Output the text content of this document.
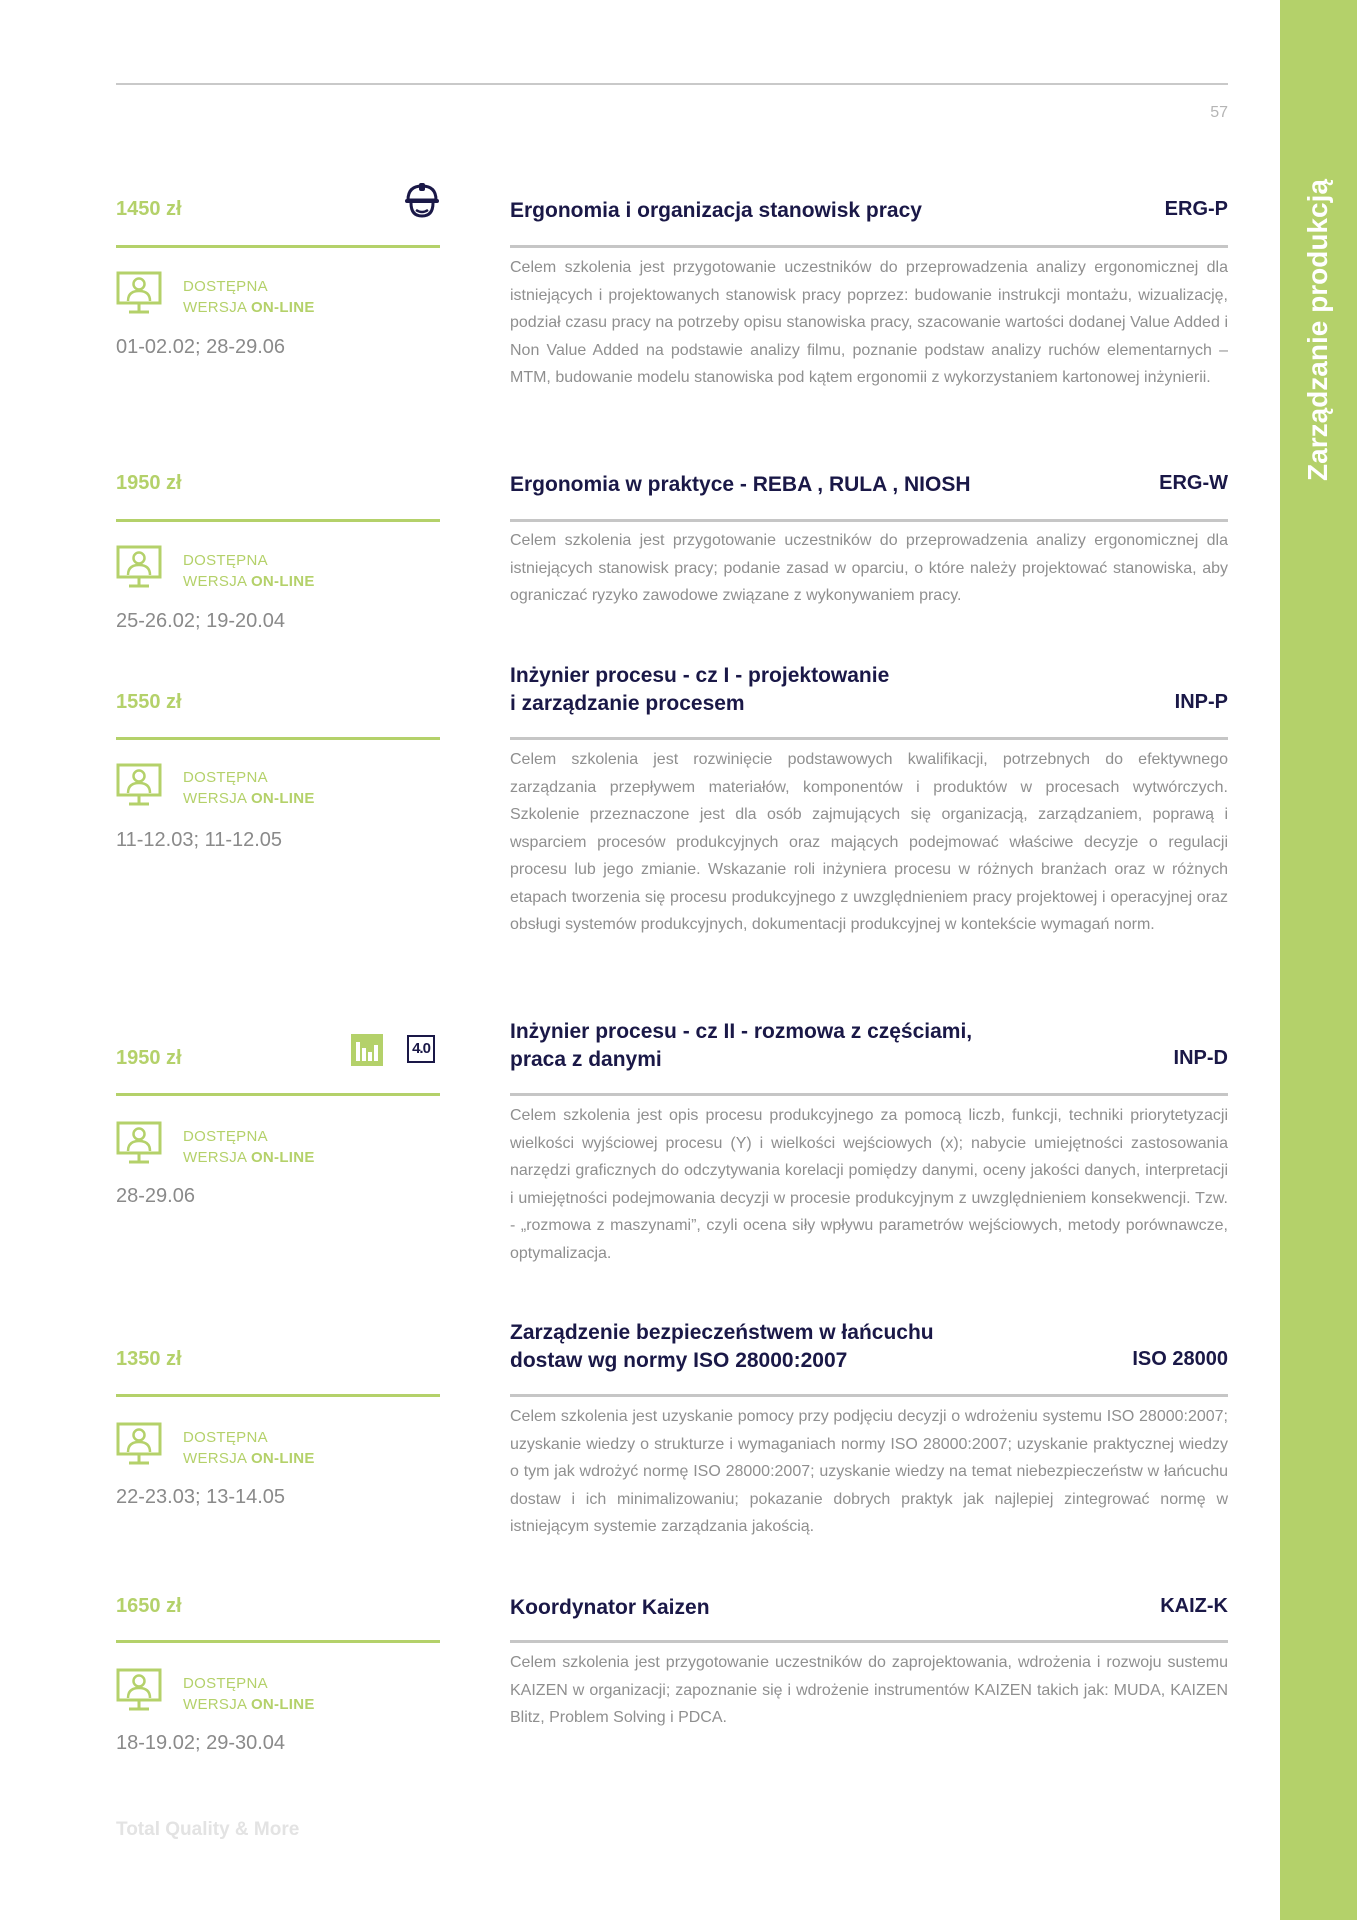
57
Zarządzanie produkcją
1450 zł
DOSTĘPNA
WERSJA ON-LINE
01-02.02; 28-29.06
Ergonomia i organizacja stanowisk pracy	ERG-P

Celem szkolenia jest przygotowanie uczestników do przeprowadzenia analizy ergonomicznej dla istniejących i projektowanych stanowisk pracy poprzez: budowanie instrukcji montażu, wizualizację, podział czasu pracy na potrzeby opisu stanowiska pracy, szacowanie wartości dodanej Value Added i Non Value Added na podstawie analizy filmu, poznanie podstaw analizy ruchów elementarnych – MTM, budowanie modelu stanowiska pod kątem ergonomii z wykorzystaniem kartonowej inżynierii.

1950 zł
DOSTĘPNA
WERSJA ON-LINE
25-26.02; 19-20.04
Ergonomia w praktyce - REBA , RULA , NIOSH	ERG-W

Celem szkolenia jest przygotowanie uczestników do przeprowadzenia analizy ergonomicznej dla istniejących stanowisk pracy; podanie zasad w oparciu, o które należy projektować stanowiska, aby ograniczać ryzyko zawodowe związane z wykonywaniem pracy.

1550 zł
DOSTĘPNA
WERSJA ON-LINE
11-12.03; 11-12.05
Inżynier procesu - cz I - projektowanie
i zarządzanie procesem	INP-P

Celem szkolenia jest rozwinięcie podstawowych kwalifikacji, potrzebnych do efektywnego zarządzania przepływem materiałów, komponentów i produktów w procesach wytwórczych. Szkolenie przeznaczone jest dla osób zajmujących się organizacją, zarządzaniem, poprawą i wsparciem procesów produkcyjnych oraz mających podejmować właściwe decyzje o regulacji procesu lub jego zmianie. Wskazanie roli inżyniera procesu w różnych branżach oraz w różnych etapach tworzenia się procesu produkcyjnego z uwzględnieniem pracy projektowej i operacyjnej oraz obsługi systemów produkcyjnych, dokumentacji produkcyjnej w kontekście wymagań norm.

1950 zł	4.0
DOSTĘPNA
WERSJA ON-LINE
28-29.06
Inżynier procesu - cz II - rozmowa z częściami,
praca z danymi	INP-D

Celem szkolenia jest opis procesu produkcyjnego za pomocą liczb, funkcji, techniki priorytetyzacji wielkości wyjściowej procesu (Y) i wielkości wejściowych (x); nabycie umiejętności zastosowania narzędzi graficznych do odczytywania korelacji pomiędzy danymi, oceny jakości danych, interpretacji i umiejętności podejmowania decyzji w procesie produkcyjnym z uwzględnieniem konsekwencji. Tzw. - „rozmowa z maszynami”, czyli ocena siły wpływu parametrów wejściowych, metody porównawcze, optymalizacja.

1350 zł
DOSTĘPNA
WERSJA ON-LINE
22-23.03; 13-14.05
Zarządzenie bezpieczeństwem w łańcuchu
dostaw wg normy ISO 28000:2007	ISO 28000

Celem szkolenia jest uzyskanie pomocy przy podjęciu decyzji o wdrożeniu systemu ISO 28000:2007; uzyskanie wiedzy o strukturze i wymaganiach normy ISO 28000:2007; uzyskanie praktycznej wiedzy o tym jak wdrożyć normę ISO 28000:2007; uzyskanie wiedzy na temat niebezpieczeństw w łańcuchu dostaw i ich minimalizowaniu; pokazanie dobrych praktyk jak najlepiej zintegrować normę w istniejącym systemie zarządzania jakością.

1650 zł
DOSTĘPNA
WERSJA ON-LINE
18-19.02; 29-30.04
Koordynator Kaizen	KAIZ-K

Celem szkolenia jest przygotowanie uczestników do zaprojektowania, wdrożenia i rozwoju sustemu KAIZEN w organizacji; zapoznanie się i wdrożenie instrumentów KAIZEN takich jak: MUDA, KAIZEN Blitz, Problem Solving i PDCA.

Total Quality & More
